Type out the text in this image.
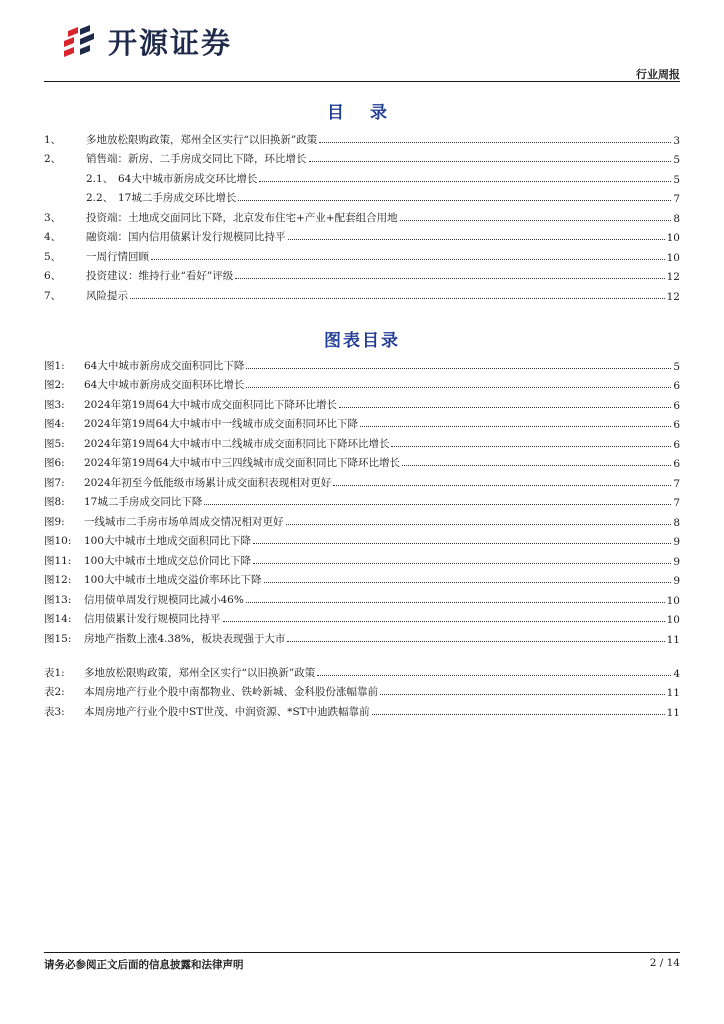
开源证券
行业周报
目 录
1、	多地放松限购政策，郑州全区实行“以旧换新”政策	3
2、	销售端：新房、二手房成交同比下降，环比增长	5
2.1、 64大中城市新房成交环比增长	5
2.2、 17城二手房成交环比增长	7
3、	投资端：土地成交面同比下降，北京发布住宅+产业+配套组合用地	8
4、	融资端：国内信用债累计发行规模同比持平	10
5、	一周行情回顾	10
6、	投资建议：维持行业“看好”评级	12
7、	风险提示	12
图表目录
图1:	64大中城市新房成交面积同比下降	5
图2:	64大中城市新房成交面积环比增长	6
图3:	2024年第19周64大中城市成交面积同比下降环比增长	6
图4:	2024年第19周64大中城市中一线城市成交面积同环比下降	6
图5:	2024年第19周64大中城市中二线城市成交面积同比下降环比增长	6
图6:	2024年第19周64大中城市中三四线城市成交面积同比下降环比增长	6
图7:	2024年初至今低能级市场累计成交面积表现相对更好	7
图8:	17城二手房成交同比下降	7
图9:	一线城市二手房市场单周成交情况相对更好	8
图10:	100大中城市土地成交面积同比下降	9
图11:	100大中城市土地成交总价同比下降	9
图12:	100大中城市土地成交溢价率环比下降	9
图13:	信用债单周发行规模同比减小46%	10
图14:	信用债累计发行规模同比持平	10
图15:	房地产指数上涨4.38%，板块表现强于大市	11
表1:	多地放松限购政策，郑州全区实行“以旧换新”政策	4
表2:	本周房地产行业个股中南都物业、铁岭新城、金科股份涨幅靠前	11
表3:	本周房地产行业个股中ST世茂、中润资源、*ST中迪跌幅靠前	11
请务必参阅正文后面的信息披露和法律声明	2 / 14
